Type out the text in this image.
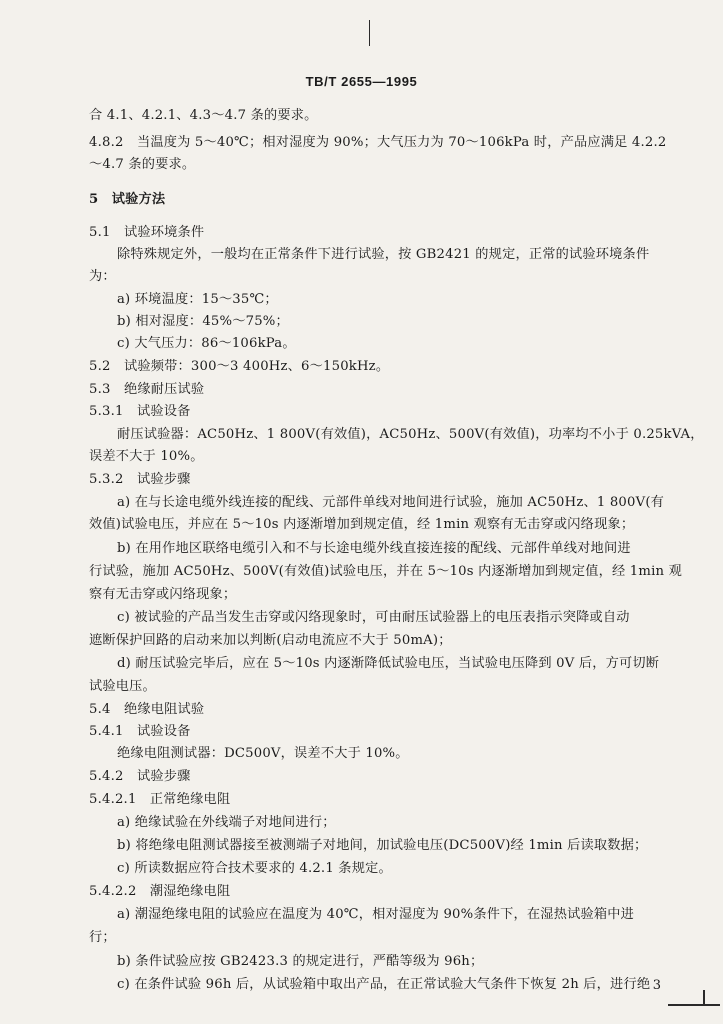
TB/T 2655—1995
合 4.1、4.2.1、4.3～4.7 条的要求。
4.8.2　当温度为 5～40℃；相对湿度为 90%；大气压力为 70～106kPa 时，产品应满足 4.2.2
～4.7 条的要求。
5　试验方法
5.1　试验环境条件
除特殊规定外，一般均在正常条件下进行试验，按 GB2421 的规定，正常的试验环境条件
为：
a) 环境温度：15～35℃；
b) 相对湿度：45%～75%；
c) 大气压力：86～106kPa。
5.2　试验频带：300～3 400Hz、6～150kHz。
5.3　绝缘耐压试验
5.3.1　试验设备
耐压试验器：AC50Hz、1 800V(有效值)，AC50Hz、500V(有效值)，功率均不小于 0.25kVA，
误差不大于 10%。
5.3.2　试验步骤
a) 在与长途电缆外线连接的配线、元部件单线对地间进行试验，施加 AC50Hz、1 800V(有
效值)试验电压，并应在 5～10s 内逐渐增加到规定值，经 1min 观察有无击穿或闪络现象；
b) 在用作地区联络电缆引入和不与长途电缆外线直接连接的配线、元部件单线对地间进
行试验，施加 AC50Hz、500V(有效值)试验电压，并在 5～10s 内逐渐增加到规定值，经 1min 观
察有无击穿或闪络现象；
c) 被试验的产品当发生击穿或闪络现象时，可由耐压试验器上的电压表指示突降或自动
遮断保护回路的启动来加以判断(启动电流应不大于 50mA)；
d) 耐压试验完毕后，应在 5～10s 内逐渐降低试验电压，当试验电压降到 0V 后，方可切断
试验电压。
5.4　绝缘电阻试验
5.4.1　试验设备
绝缘电阻测试器：DC500V，误差不大于 10%。
5.4.2　试验步骤
5.4.2.1　正常绝缘电阻
a) 绝缘试验在外线端子对地间进行；
b) 将绝缘电阻测试器接至被测端子对地间，加试验电压(DC500V)经 1min 后读取数据；
c) 所读数据应符合技术要求的 4.2.1 条规定。
5.4.2.2　潮湿绝缘电阻
a) 潮湿绝缘电阻的试验应在温度为 40℃，相对湿度为 90%条件下，在湿热试验箱中进
行；
b) 条件试验应按 GB2423.3 的规定进行，严酷等级为 96h；
c) 在条件试验 96h 后，从试验箱中取出产品，在正常试验大气条件下恢复 2h 后，进行绝 3
